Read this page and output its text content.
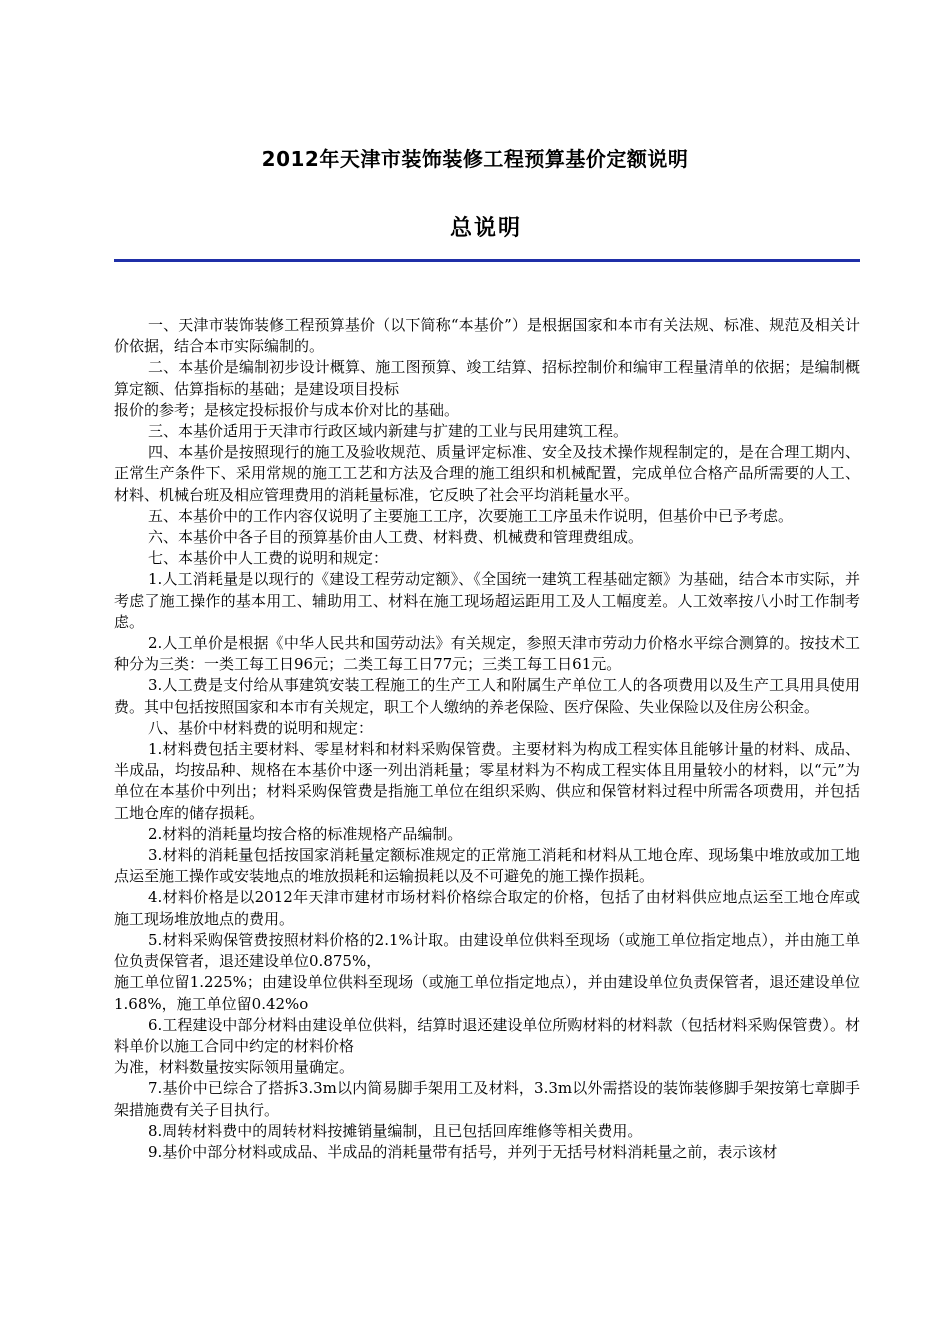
2012年天津市装饰装修工程预算基价定额说明
总说明

一、天津市装饰装修工程预算基价（以下简称“本基价”）是根据国家和本市有关法规、标准、规范及相关计价依据，结合本市实际编制的。

二、本基价是编制初步设计概算、施工图预算、竣工结算、招标控制价和编审工程量清单的依据；是编制概算定额、估算指标的基础；是建设项目投标

报价的参考；是核定投标报价与成本价对比的基础。

三、本基价适用于天津市行政区域内新建与扩建的工业与民用建筑工程。

四、本基价是按照现行的施工及验收规范、质量评定标准、安全及技术操作规程制定的，是在合理工期内、正常生产条件下、采用常规的施工工艺和方法及合理的施工组织和机械配置，完成单位合格产品所需要的人工、材料、机械台班及相应管理费用的消耗量标准，它反映了社会平均消耗量水平。

五、本基价中的工作内容仅说明了主要施工工序，次要施工工序虽未作说明，但基价中已予考虑。

六、本基价中各子目的预算基价由人工费、材料费、机械费和管理费组成。

七、本基价中人工费的说明和规定：

1.人工消耗量是以现行的《建设工程劳动定额》、《全国统一建筑工程基础定额》为基础，结合本市实际，并考虑了施工操作的基本用工、辅助用工、材料在施工现场超运距用工及人工幅度差。人工效率按八小时工作制考虑。

2.人工单价是根据《中华人民共和国劳动法》有关规定，参照天津市劳动力价格水平综合测算的。按技术工种分为三类：一类工每工日96元；二类工每工日77元；三类工每工日61元。

3.人工费是支付给从事建筑安装工程施工的生产工人和附属生产单位工人的各项费用以及生产工具用具使用费。其中包括按照国家和本市有关规定，职工个人缴纳的养老保险、医疗保险、失业保险以及住房公积金。

八、基价中材料费的说明和规定：

1.材料费包括主要材料、零星材料和材料采购保管费。主要材料为构成工程实体且能够计量的材料、成品、半成品，均按品种、规格在本基价中逐一列出消耗量；零星材料为不构成工程实体且用量较小的材料，以“元”为单位在本基价中列出；材料采购保管费是指施工单位在组织采购、供应和保管材料过程中所需各项费用，并包括工地仓库的储存损耗。

2.材料的消耗量均按合格的标准规格产品编制。

3.材料的消耗量包括按国家消耗量定额标准规定的正常施工消耗和材料从工地仓库、现场集中堆放或加工地点运至施工操作或安装地点的堆放损耗和运输损耗以及不可避免的施工操作损耗。

4.材料价格是以2012年天津市建材市场材料价格综合取定的价格，包括了由材料供应地点运至工地仓库或施工现场堆放地点的费用。

5.材料采购保管费按照材料价格的2.1%计取。由建设单位供料至现场（或施工单位指定地点），并由施工单位负责保管者，退还建设单位0.875%，

施工单位留1.225%；由建设单位供料至现场（或施工单位指定地点），并由建设单位负责保管者，退还建设单位1.68%，施工单位留0.42%o

6.工程建设中部分材料由建设单位供料，结算时退还建设单位所购材料的材料款（包括材料采购保管费）。材料单价以施工合同中约定的材料价格

为准，材料数量按实际领用量确定。

7.基价中已综合了搭拆3.3m以内简易脚手架用工及材料，3.3m以外需搭设的装饰装修脚手架按第七章脚手架措施费有关子目执行。

8.周转材料费中的周转材料按摊销量编制，且已包括回库维修等相关费用。

9.基价中部分材料或成品、半成品的消耗量带有括号，并列于无括号材料消耗量之前，表示该材
